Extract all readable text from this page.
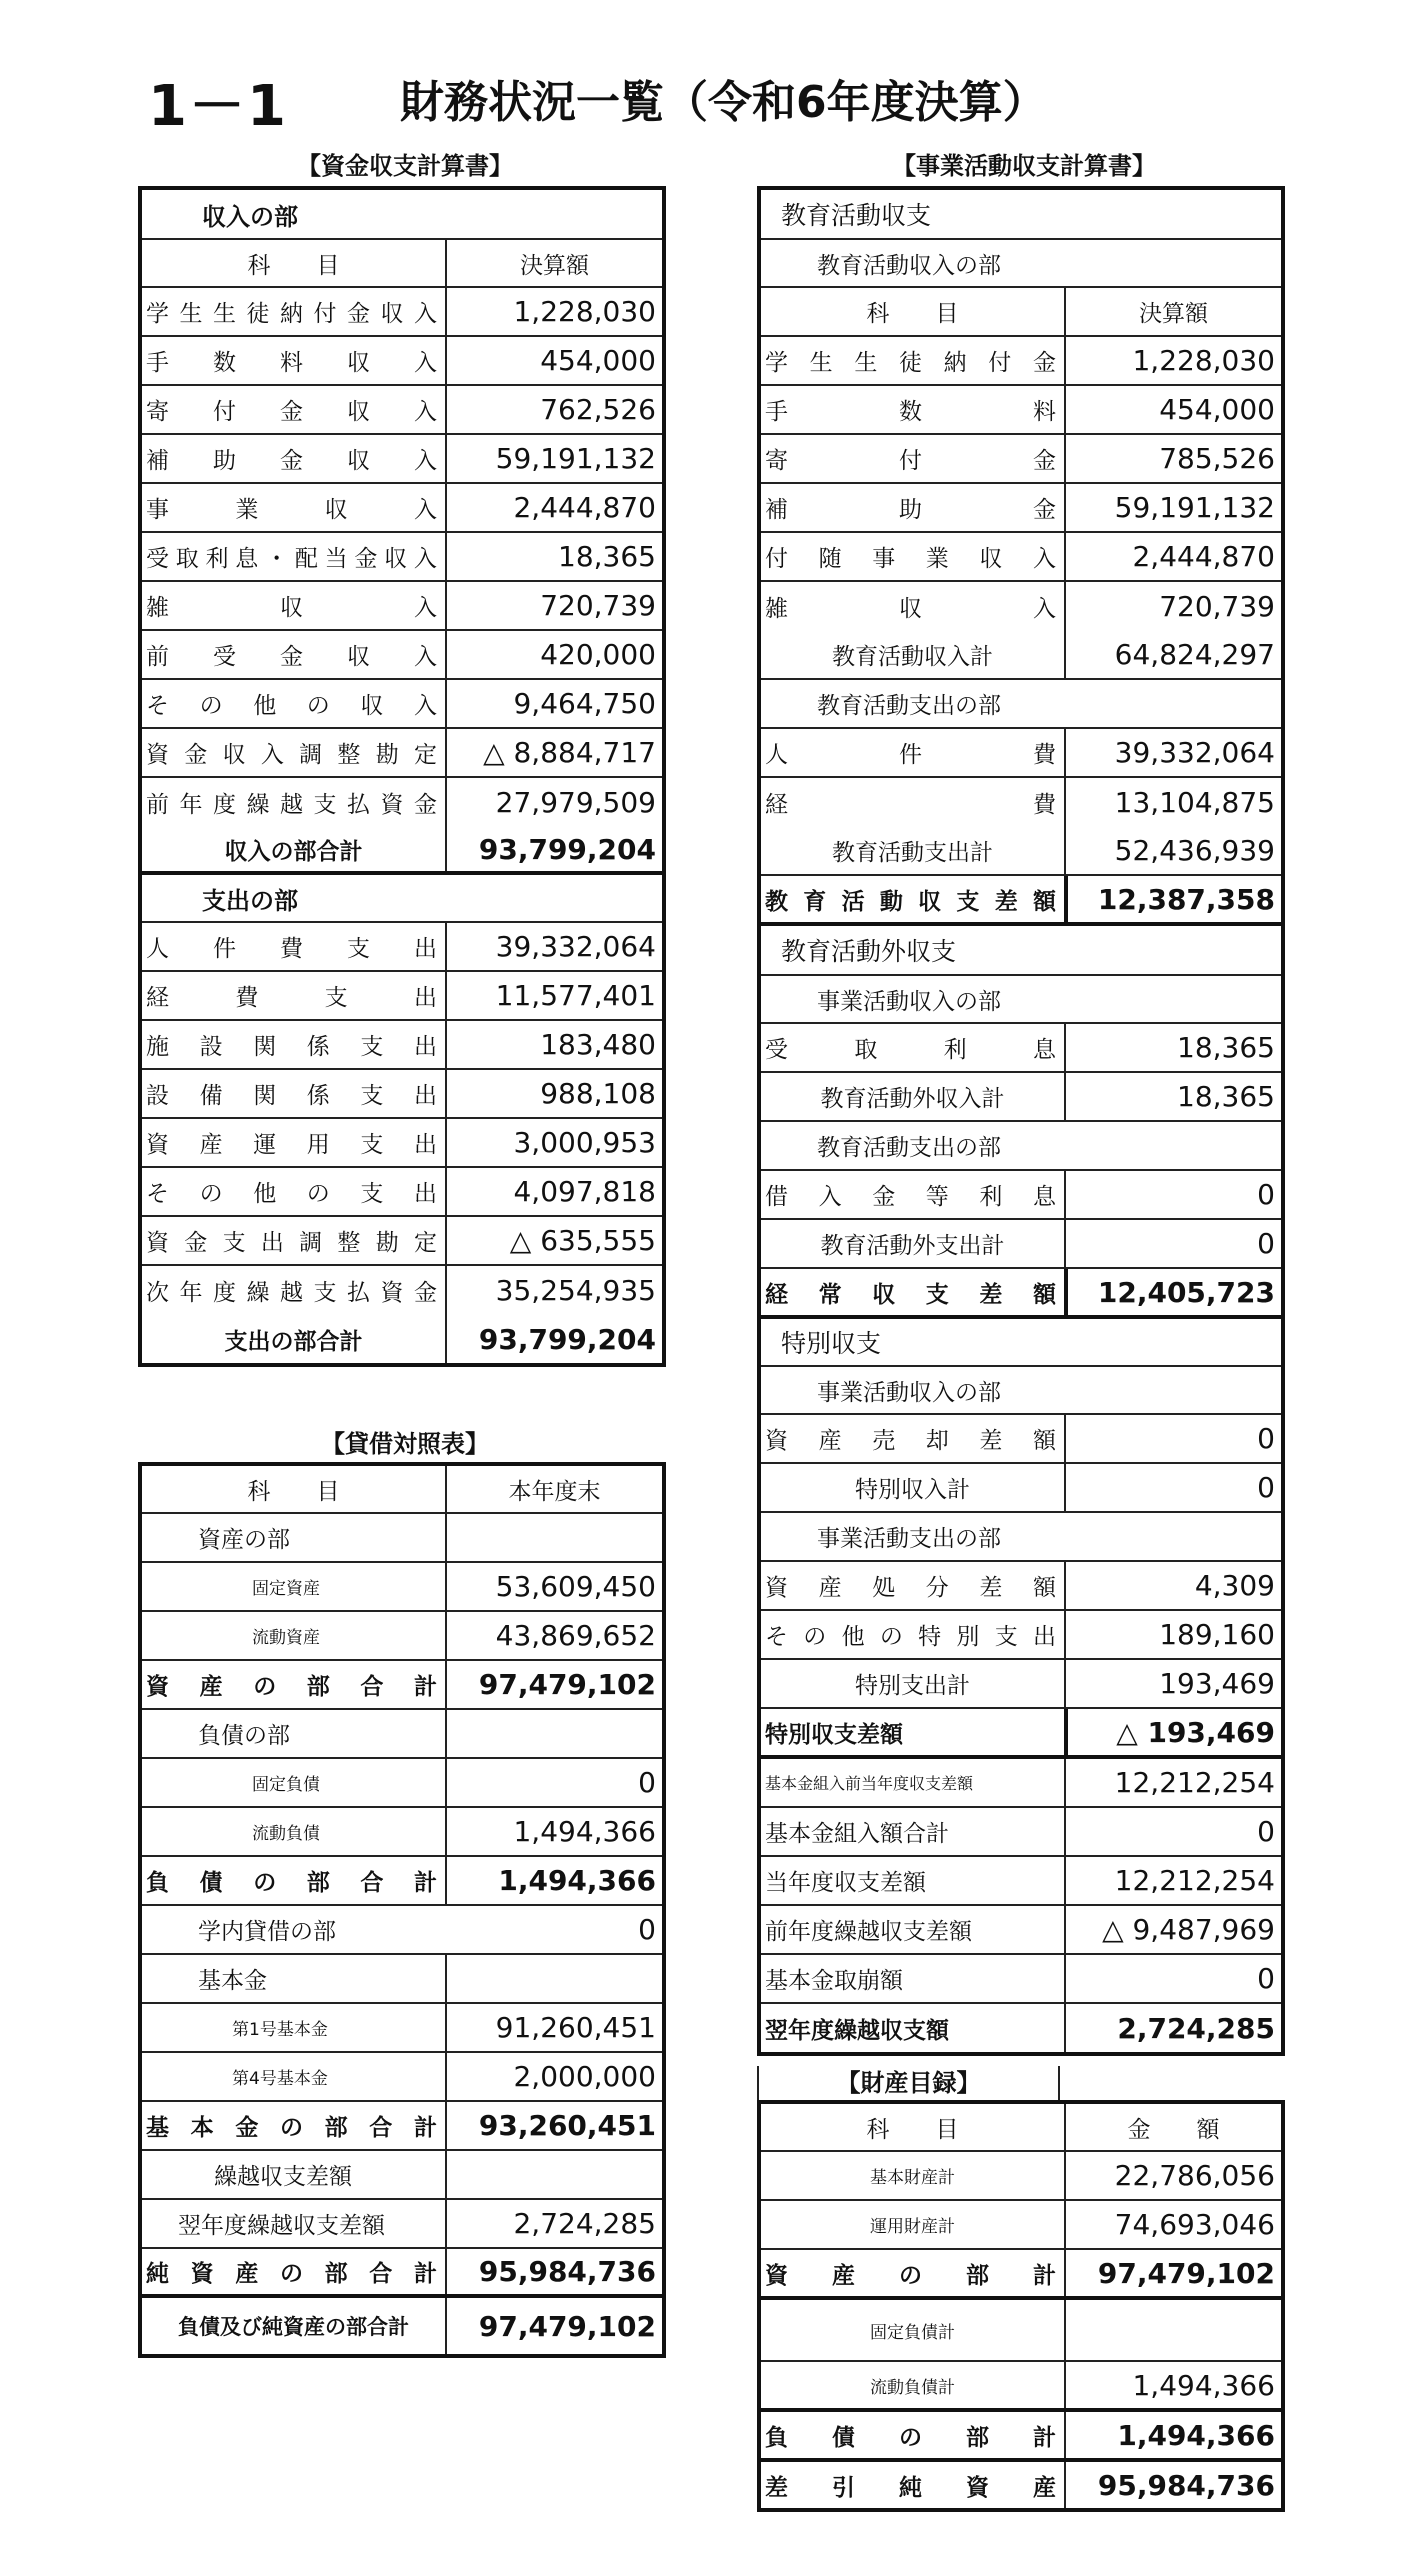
1－1	財務状況一覧（令和6年度決算）
【資金収支計算書】
収入の部
科　　目	決算額
学 生 生 徒 納 付 金 収 入	1,228,030
手 数 料 収 入	454,000
寄 付 金 収 入	762,526
補 助 金 収 入	59,191,132
事	業	収	入	2,444,870
受 取 利 息 ・ 配 当 金 収 入	18,365
雑	収	入	720,739
前 受 金 収 入	420,000
そ の 他 の 収 入	9,464,750
資 金 収 入 調 整 勘 定	△ 8,884,717
前 年 度 繰 越 支 払 資 金	27,979,509
収入の部合計	93,799,204
支出の部
人 件 費 支 出	39,332,064
経	費	支	出	11,577,401
施 設 関 係 支 出	183,480
設 備 関 係 支 出	988,108
資 産 運 用 支 出	3,000,953
そ の 他 の 支 出	4,097,818
資 金 支 出 調 整 勘 定	△ 635,555
次 年 度 繰 越 支 払 資 金	35,254,935
支出の部合計	93,799,204
【貸借対照表】
科　　目	本年度末
資産の部
固定資産	53,609,450
流動資産	43,869,652
資 産 の 部 合 計	97,479,102
負債の部
固定負債	0
流動負債	1,494,366
負 債 の 部 合 計	1,494,366
学内貸借の部	0
基本金
第1号基本金	91,260,451
第4号基本金	2,000,000
基 本 金 の 部 合 計	93,260,451
繰越収支差額
翌年度繰越収支差額	2,724,285
純 資 産 の 部 合 計	95,984,736
負債及び純資産の部合計	97,479,102
【事業活動収支計算書】
教育活動収支
教育活動収入の部
科　　目	決算額
学 生 生 徒 納 付 金	1,228,030
手	数	料	454,000
寄	付	金	785,526
補	助	金	59,191,132
付 随 事 業 収 入	2,444,870
雑	収	入	720,739
教育活動収入計	64,824,297
教育活動支出の部
人	件	費	39,332,064
経	費	13,104,875
教育活動支出計	52,436,939
教 育 活 動 収 支 差 額	12,387,358
教育活動外収支
事業活動収入の部
受	取	利	息	18,365
教育活動外収入計	18,365
教育活動支出の部
借 入 金 等 利 息	0
教育活動外支出計	0
経 常 収 支 差 額	12,405,723
特別収支
事業活動収入の部
資 産 売 却 差 額	0
特別収入計	0
事業活動支出の部
資 産 処 分 差 額	4,309
そ の 他 の 特 別 支 出	189,160
特別支出計	193,469
特別収支差額	△ 193,469
基本金組入前当年度収支差額	12,212,254
基本金組入額合計	0
当年度収支差額	12,212,254
前年度繰越収支差額	△ 9,487,969
基本金取崩額	0
翌年度繰越収支額	2,724,285
【財産目録】
科　　目	金　　額
基本財産計	22,786,056
運用財産計	74,693,046
資 産 の 部 計	97,479,102
固定負債計
流動負債計	1,494,366
負 債 の 部 計	1,494,366
差 引 純 資 産	95,984,736
